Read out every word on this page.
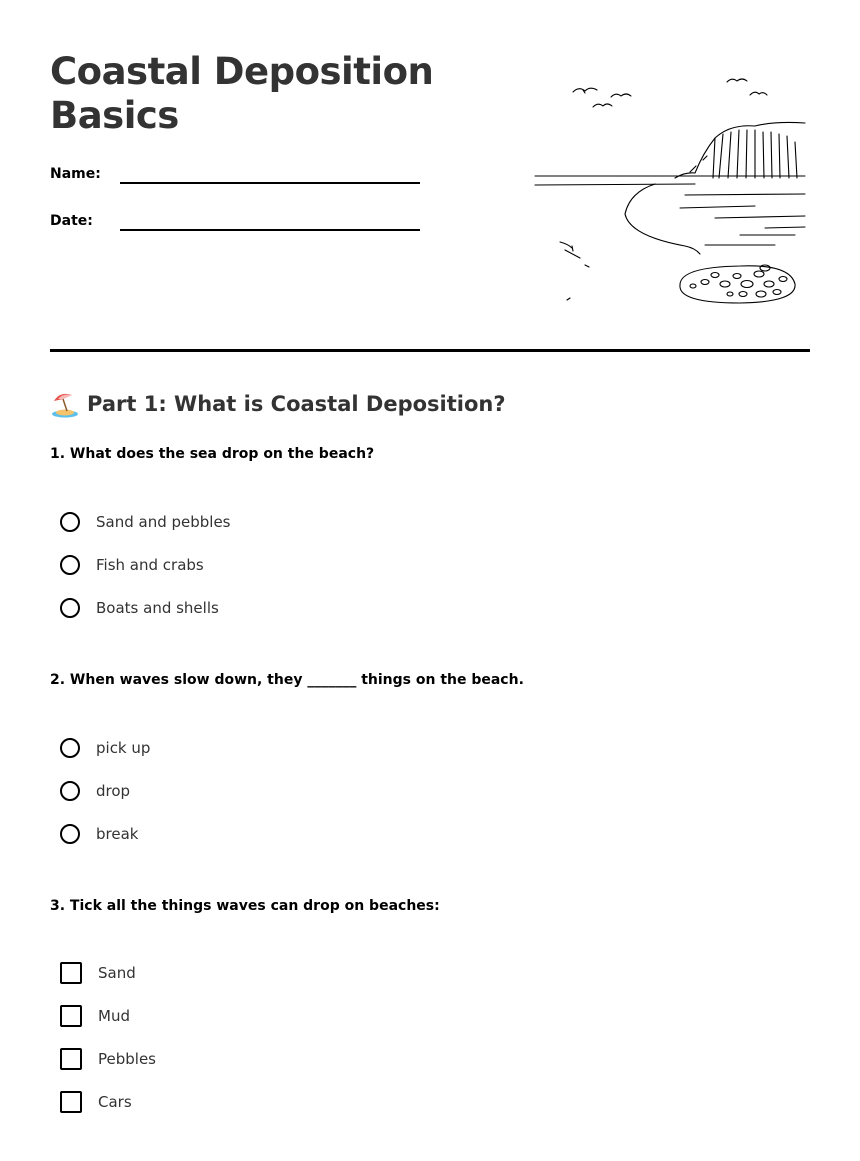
Coastal Deposition Basics
Name:
Date:
Part 1: What is Coastal Deposition?

1. What does the sea drop on the beach?

Sand and pebbles
Fish and crabs
Boats and shells

2. When waves slow down, they _______ things on the beach.

pick up
drop
break

3. Tick all the things waves can drop on beaches:

Sand
Mud
Pebbles
Cars
